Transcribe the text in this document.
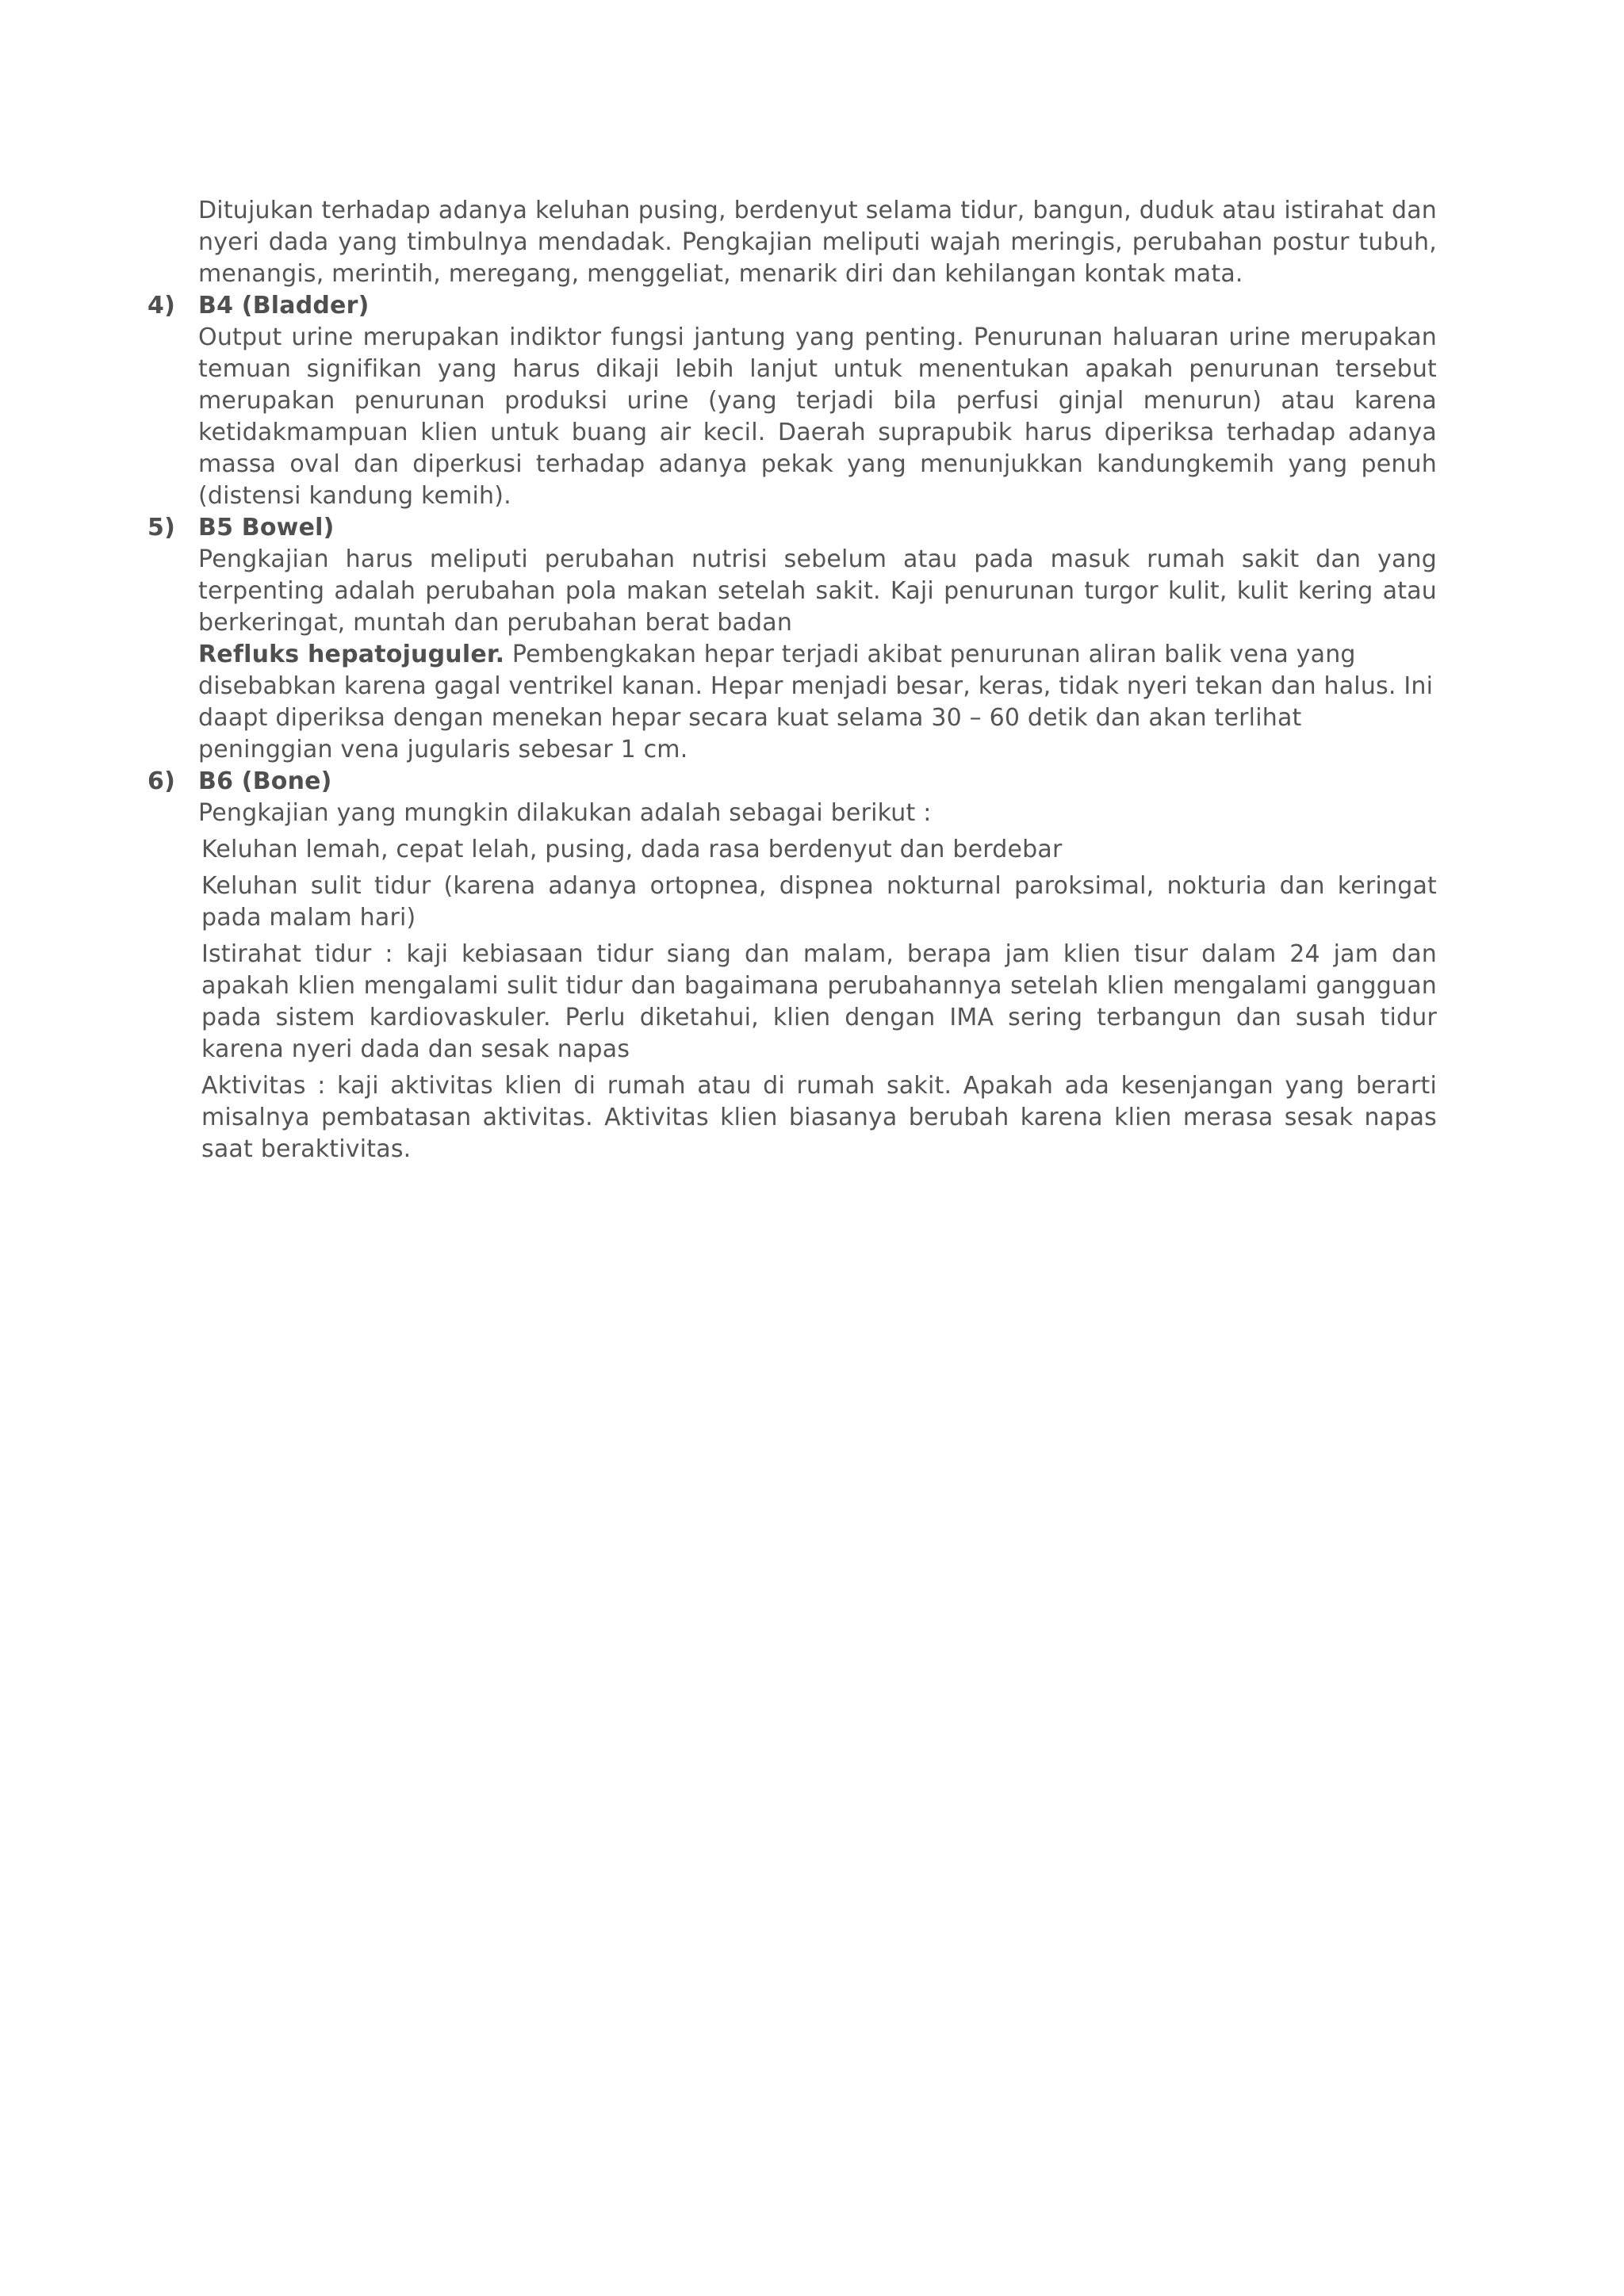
Ditujukan terhadap adanya keluhan pusing, berdenyut selama tidur, bangun, duduk atau istirahat dan nyeri dada yang timbulnya mendadak. Pengkajian meliputi wajah meringis, perubahan postur tubuh, menangis, merintih, meregang, menggeliat, menarik diri dan kehilangan kontak mata.
4) B4 (Bladder)
Output urine merupakan indiktor fungsi jantung yang penting. Penurunan haluaran urine merupakan temuan signifikan yang harus dikaji lebih lanjut untuk menentukan apakah penurunan tersebut merupakan penurunan produksi urine (yang terjadi bila perfusi ginjal menurun) atau karena ketidakmampuan klien untuk buang air kecil. Daerah suprapubik harus diperiksa terhadap adanya massa oval dan diperkusi terhadap adanya pekak yang menunjukkan kandungkemih yang penuh (distensi kandung kemih).
5) B5 Bowel)
Pengkajian harus meliputi perubahan nutrisi sebelum atau pada masuk rumah sakit dan yang terpenting adalah perubahan pola makan setelah sakit. Kaji penurunan turgor kulit, kulit kering atau berkeringat, muntah dan perubahan berat badan
Refluks hepatojuguler. Pembengkakan hepar terjadi akibat penurunan aliran balik vena yang disebabkan karena gagal ventrikel kanan. Hepar menjadi besar, keras, tidak nyeri tekan dan halus. Ini daapt diperiksa dengan menekan hepar secara kuat selama 30 – 60 detik dan akan terlihat peninggian vena jugularis sebesar 1 cm.
6) B6 (Bone)
Pengkajian yang mungkin dilakukan adalah sebagai berikut :
Keluhan lemah, cepat lelah, pusing, dada rasa berdenyut dan berdebar
Keluhan sulit tidur (karena adanya ortopnea, dispnea nokturnal paroksimal, nokturia dan keringat pada malam hari)
Istirahat tidur : kaji kebiasaan tidur siang dan malam, berapa jam klien tisur dalam 24 jam dan apakah klien mengalami sulit tidur dan bagaimana perubahannya setelah klien mengalami gangguan pada sistem kardiovaskuler. Perlu diketahui, klien dengan IMA sering terbangun dan susah tidur karena nyeri dada dan sesak napas
Aktivitas : kaji aktivitas klien di rumah atau di rumah sakit. Apakah ada kesenjangan yang berarti misalnya pembatasan aktivitas. Aktivitas klien biasanya berubah karena klien merasa sesak napas saat beraktivitas.
